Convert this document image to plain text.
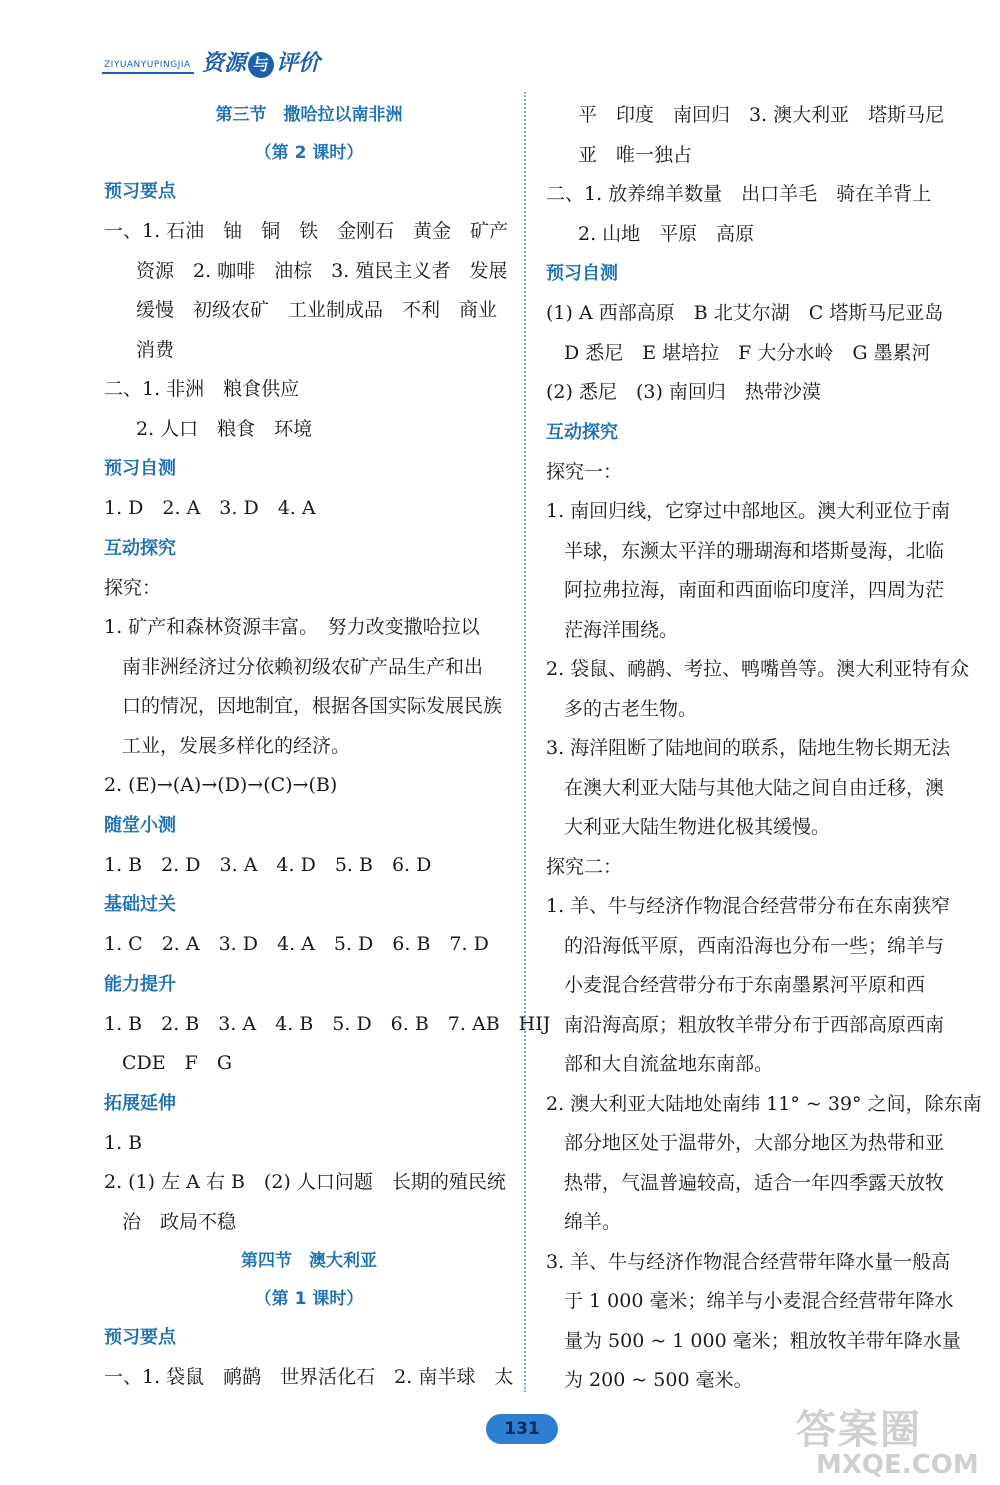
ZIYUANYUPINGJIA 资源 与 评价
第三节　撒哈拉以南非洲
（第 2 课时）
预习要点
一、1. 石油　铀　铜　铁　金刚石　黄金　矿产
资源　2. 咖啡　油棕　3. 殖民主义者　发展
缓慢　初级农矿　工业制成品　不利　商业
消费
二、1. 非洲　粮食供应
2. 人口　粮食　环境
预习自测
1. D　2. A　3. D　4. A
互动探究
探究：
1. 矿产和森林资源丰富。　努力改变撒哈拉以
南非洲经济过分依赖初级农矿产品生产和出
口的情况，因地制宜，根据各国实际发展民族
工业，发展多样化的经济。
2. (E)→(A)→(D)→(C)→(B)
随堂小测
1. B　2. D　3. A　4. D　5. B　6. D
基础过关
1. C　2. A　3. D　4. A　5. D　6. B　7. D
能力提升
1. B　2. B　3. A　4. B　5. D　6. B　7. AB　HIJ
CDE　F　G
拓展延伸
1. B
2. (1) 左 A 右 B　(2) 人口问题　长期的殖民统
治　政局不稳
第四节　澳大利亚
（第 1 课时）
预习要点
一、1. 袋鼠　鸸鹋　世界活化石　2. 南半球　太
平　印度　南回归　3. 澳大利亚　塔斯马尼
亚　唯一独占
二、1. 放养绵羊数量　出口羊毛　骑在羊背上
2. 山地　平原　高原
预习自测
(1) A 西部高原　B 北艾尔湖　C 塔斯马尼亚岛
D 悉尼　E 堪培拉　F 大分水岭　G 墨累河
(2) 悉尼　(3) 南回归　热带沙漠
互动探究
探究一：
1. 南回归线，它穿过中部地区。澳大利亚位于南
半球，东濒太平洋的珊瑚海和塔斯曼海，北临
阿拉弗拉海，南面和西面临印度洋，四周为茫
茫海洋围绕。
2. 袋鼠、鸸鹋、考拉、鸭嘴兽等。澳大利亚特有众
多的古老生物。
3. 海洋阻断了陆地间的联系，陆地生物长期无法
在澳大利亚大陆与其他大陆之间自由迁移，澳
大利亚大陆生物进化极其缓慢。
探究二：
1. 羊、牛与经济作物混合经营带分布在东南狭窄
的沿海低平原，西南沿海也分布一些；绵羊与
小麦混合经营带分布于东南墨累河平原和西
南沿海高原；粗放牧羊带分布于西部高原西南
部和大自流盆地东南部。
2. 澳大利亚大陆地处南纬 11° ~ 39° 之间，除东南
部分地区处于温带外，大部分地区为热带和亚
热带，气温普遍较高，适合一年四季露天放牧
绵羊。
3. 羊、牛与经济作物混合经营带年降水量一般高
于 1 000 毫米；绵羊与小麦混合经营带年降水
量为 500 ~ 1 000 毫米；粗放牧羊带年降水量
为 200 ~ 500 毫米。
131	答案圈
MXQE.COM
